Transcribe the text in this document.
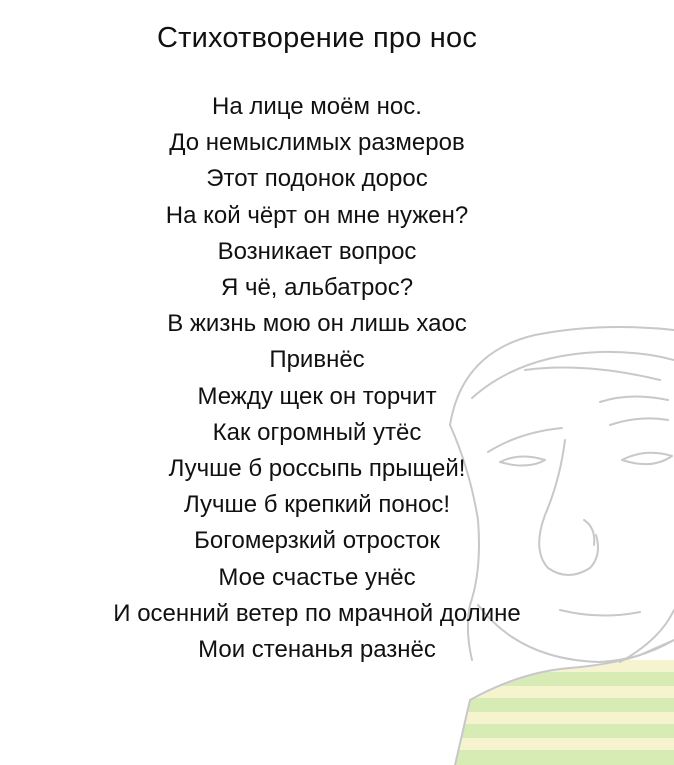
Стихотворение про нос
На лице моём нос.
До немыслимых размеров
Этот подонок дорос
На кой чёрт он мне нужен?
Возникает вопрос
Я чё, альбатрос?
В жизнь мою он лишь хаос
Привнёс
Между щек он торчит
Как огромный утёс
Лучше б россыпь прыщей!
Лучше б крепкий понос!
Богомерзкий отросток
Мое счастье унёс
И осенний ветер по мрачной долине
Мои стенанья разнёс
